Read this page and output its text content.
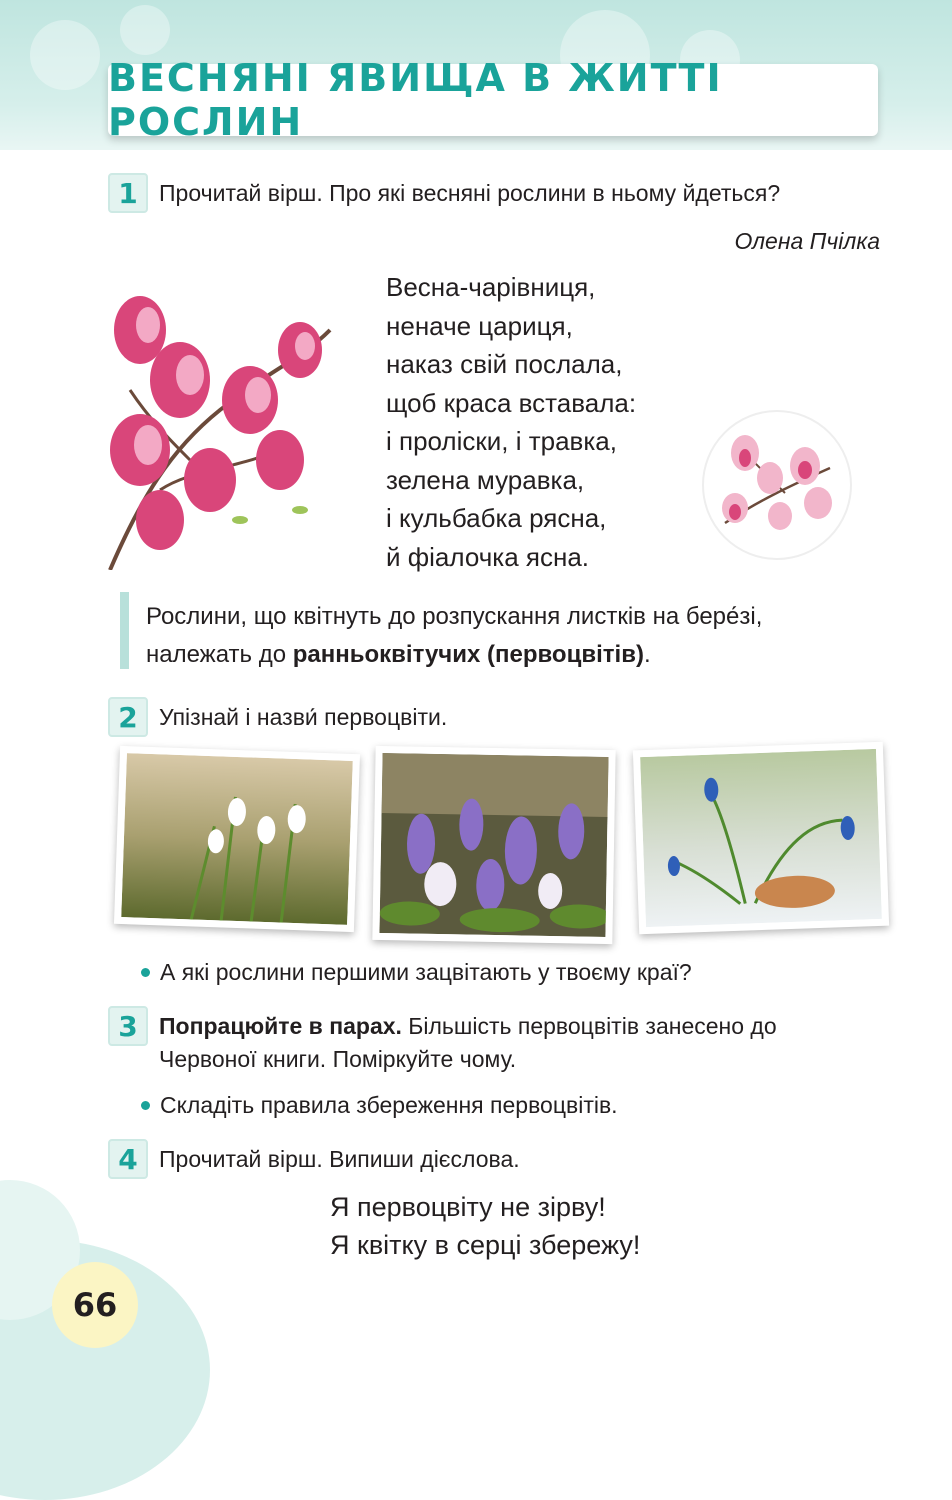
ВЕСНЯНІ ЯВИЩА В ЖИТТІ РОСЛИН
1 Прочитай вірш. Про які весняні рослини в ньому йдеться?
Олена Пчілка
Весна-чарівниця,
неначе цариця,
наказ свій послала,
щоб краса вставала:
і проліски, і травка,
зелена муравка,
і кульбабка рясна,
й фіалочка ясна.
Рослини, що квітнуть до розпускання листків на бере́зі,
належать до ранньоквітучих (первоцвітів).
2 Упізнай і назви́ первоцвіти.
А які рослини першими зацвітають у твоєму краї?
3 Попрацюйте в парах. Більшість первоцвітів занесено до
Червоної книги. Поміркуйте чому.
Складіть правила збереження первоцвітів.
4 Прочитай вірш. Випиши дієслова.
Я первоцвіту не зірву!
Я квітку в серці збережу!
66
